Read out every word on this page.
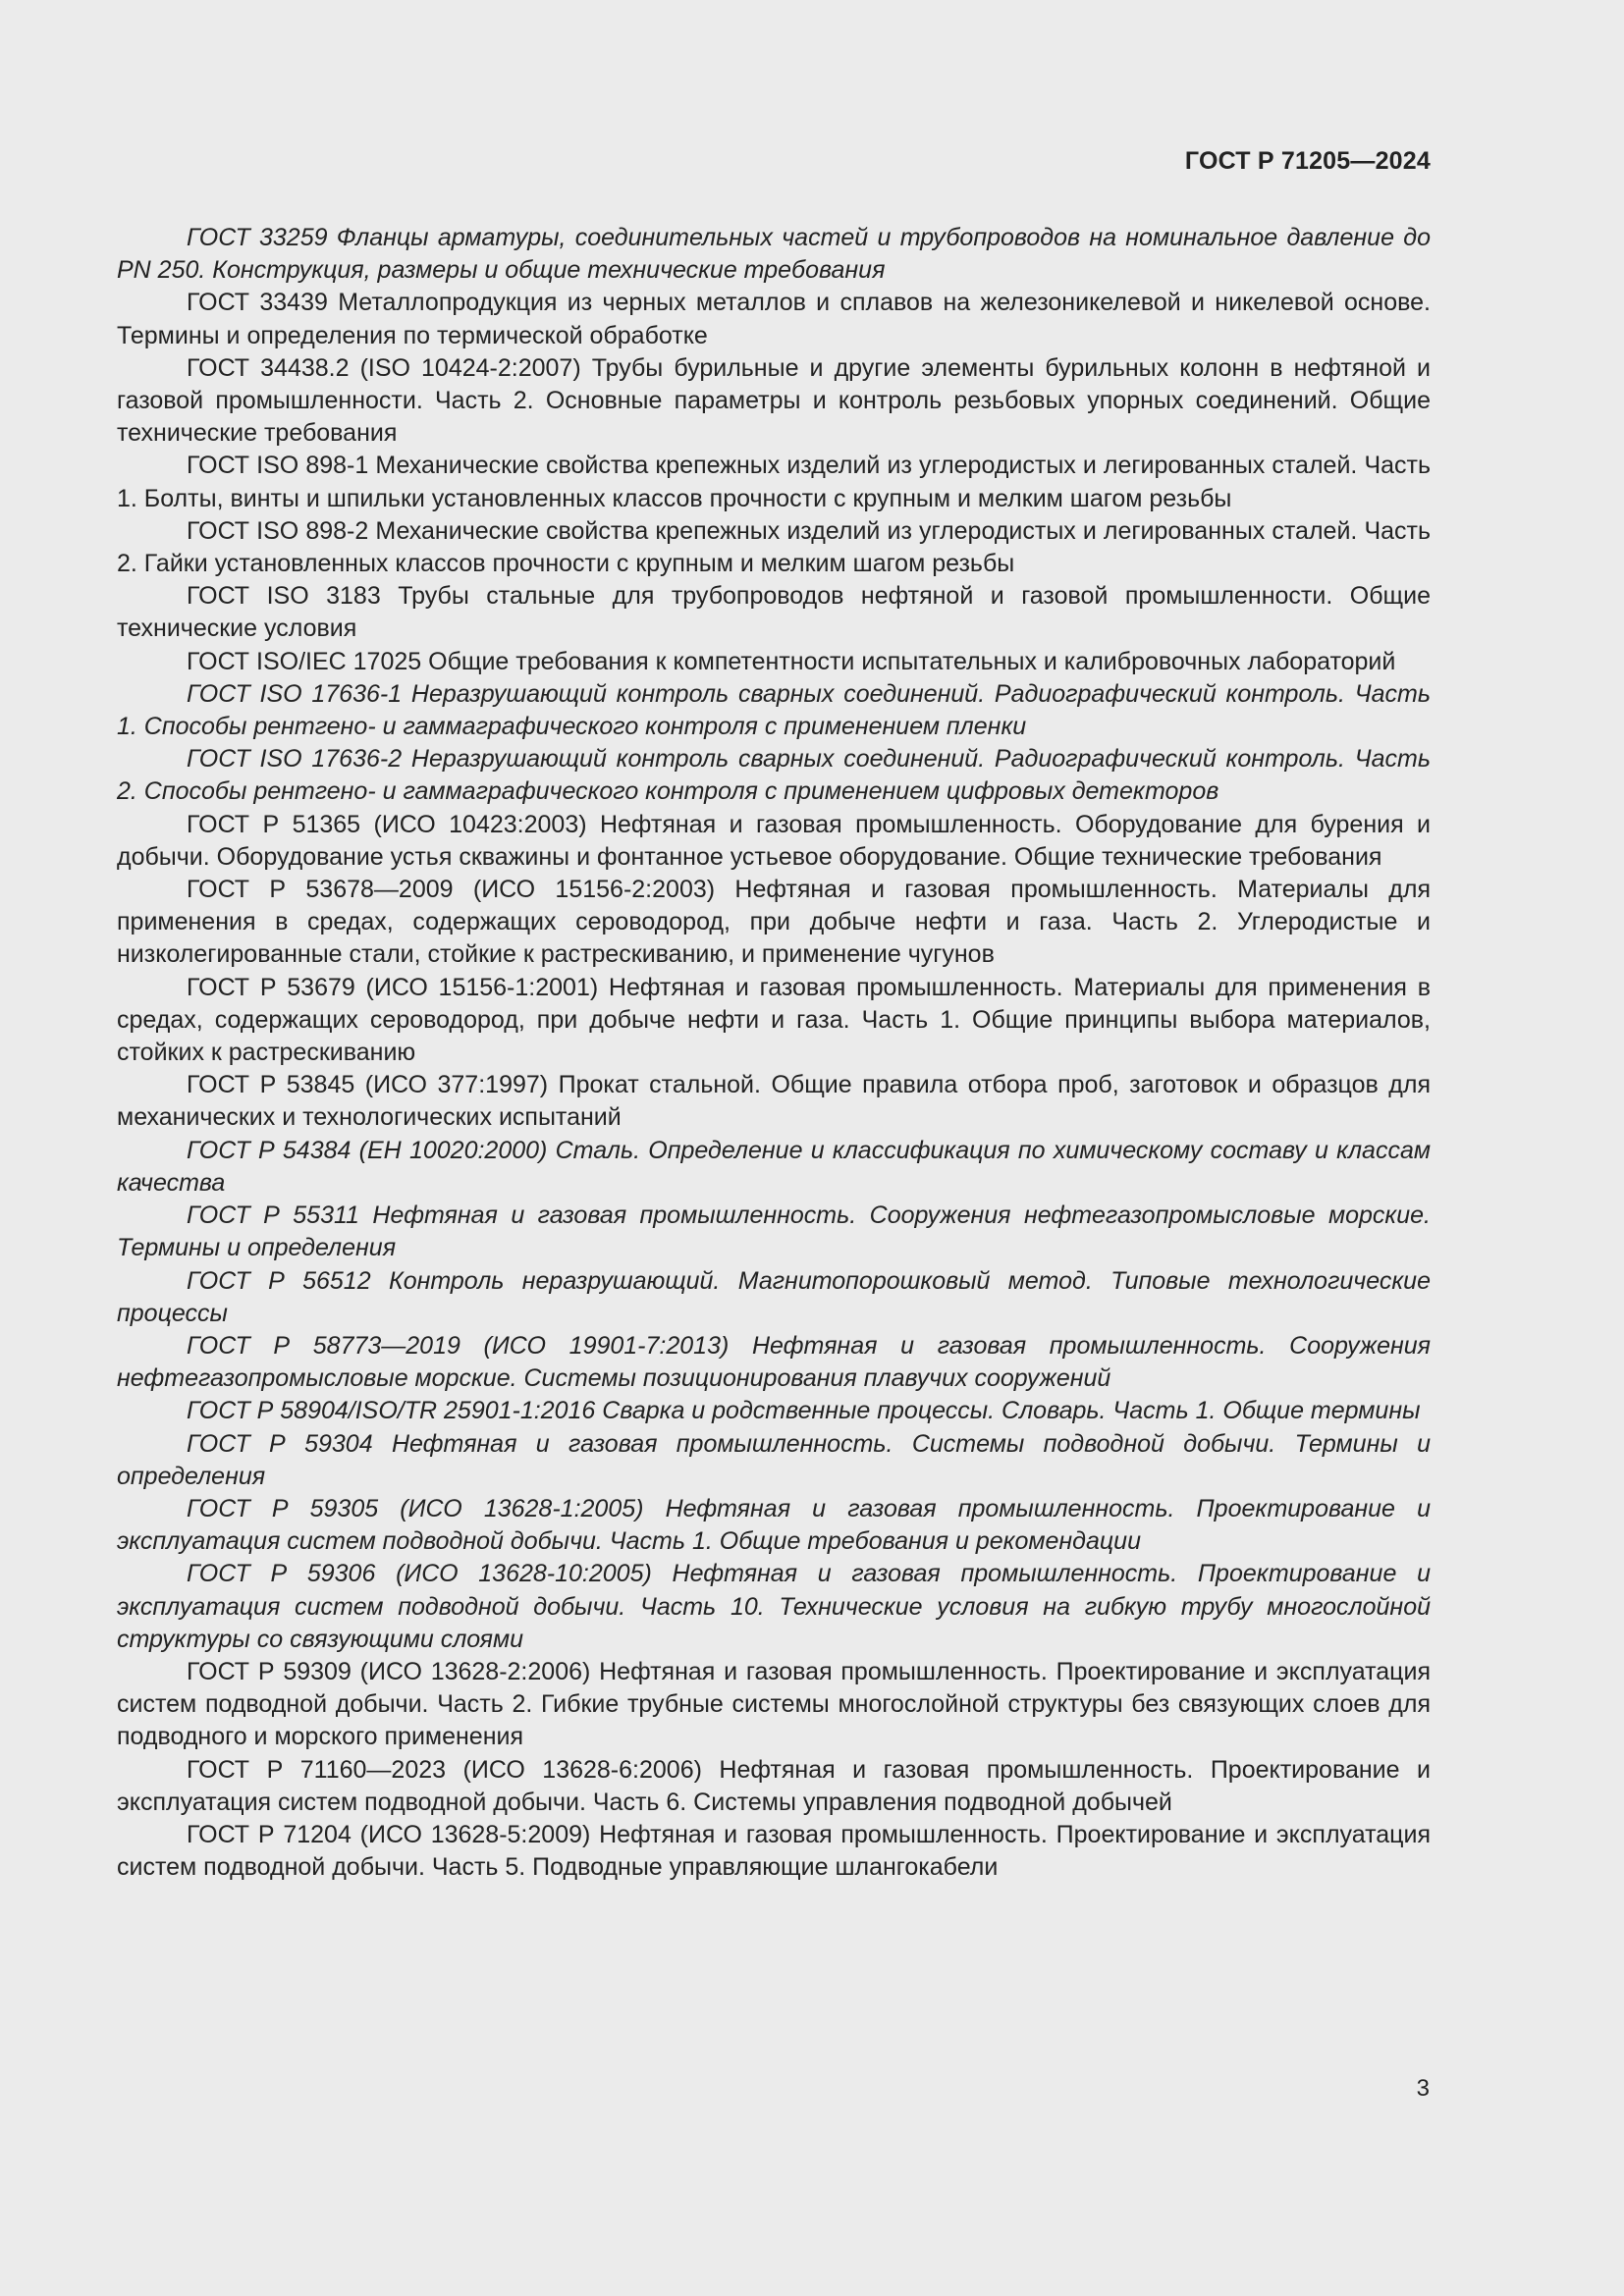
ГОСТ Р 71205—2024

ГОСТ 33259 Фланцы арматуры, соединительных частей и трубопроводов на номинальное давление до PN 250. Конструкция, размеры и общие технические требования

ГОСТ 33439 Металлопродукция из черных металлов и сплавов на железоникелевой и никелевой основе. Термины и определения по термической обработке

ГОСТ 34438.2 (ISO 10424-2:2007) Трубы бурильные и другие элементы бурильных колонн в нефтяной и газовой промышленности. Часть 2. Основные параметры и контроль резьбовых упорных соединений. Общие технические требования

ГОСТ ISO 898-1 Механические свойства крепежных изделий из углеродистых и легированных сталей. Часть 1. Болты, винты и шпильки установленных классов прочности с крупным и мелким шагом резьбы

ГОСТ ISO 898-2 Механические свойства крепежных изделий из углеродистых и легированных сталей. Часть 2. Гайки установленных классов прочности с крупным и мелким шагом резьбы

ГОСТ ISO 3183 Трубы стальные для трубопроводов нефтяной и газовой промышленности. Общие технические условия

ГОСТ ISO/IEC 17025 Общие требования к компетентности испытательных и калибровочных лабораторий

ГОСТ ISO 17636-1 Неразрушающий контроль сварных соединений. Радиографический контроль. Часть 1. Способы рентгено- и гаммаграфического контроля с применением пленки

ГОСТ ISO 17636-2 Неразрушающий контроль сварных соединений. Радиографический контроль. Часть 2. Способы рентгено- и гаммаграфического контроля с применением цифровых детекторов

ГОСТ Р 51365 (ИСО 10423:2003) Нефтяная и газовая промышленность. Оборудование для бурения и добычи. Оборудование устья скважины и фонтанное устьевое оборудование. Общие технические требования

ГОСТ Р 53678—2009 (ИСО 15156-2:2003) Нефтяная и газовая промышленность. Материалы для применения в средах, содержащих сероводород, при добыче нефти и газа. Часть 2. Углеродистые и низколегированные стали, стойкие к растрескиванию, и применение чугунов

ГОСТ Р 53679 (ИСО 15156-1:2001) Нефтяная и газовая промышленность. Материалы для применения в средах, содержащих сероводород, при добыче нефти и газа. Часть 1. Общие принципы выбора материалов, стойких к растрескиванию

ГОСТ Р 53845 (ИСО 377:1997) Прокат стальной. Общие правила отбора проб, заготовок и образцов для механических и технологических испытаний

ГОСТ Р 54384 (ЕН 10020:2000) Сталь. Определение и классификация по химическому составу и классам качества

ГОСТ Р 55311 Нефтяная и газовая промышленность. Сооружения нефтегазопромысловые морские. Термины и определения

ГОСТ Р 56512 Контроль неразрушающий. Магнитопорошковый метод. Типовые технологические процессы

ГОСТ Р 58773—2019 (ИСО 19901-7:2013) Нефтяная и газовая промышленность. Сооружения нефтегазопромысловые морские. Системы позиционирования плавучих сооружений

ГОСТ Р 58904/ISO/TR 25901-1:2016 Сварка и родственные процессы. Словарь. Часть 1. Общие термины

ГОСТ Р 59304 Нефтяная и газовая промышленность. Системы подводной добычи. Термины и определения

ГОСТ Р 59305 (ИСО 13628-1:2005) Нефтяная и газовая промышленность. Проектирование и эксплуатация систем подводной добычи. Часть 1. Общие требования и рекомендации

ГОСТ Р 59306 (ИСО 13628-10:2005) Нефтяная и газовая промышленность. Проектирование и эксплуатация систем подводной добычи. Часть 10. Технические условия на гибкую трубу многослойной структуры со связующими слоями

ГОСТ Р 59309 (ИСО 13628-2:2006) Нефтяная и газовая промышленность. Проектирование и эксплуатация систем подводной добычи. Часть 2. Гибкие трубные системы многослойной структуры без связующих слоев для подводного и морского применения

ГОСТ Р 71160—2023 (ИСО 13628-6:2006) Нефтяная и газовая промышленность. Проектирование и эксплуатация систем подводной добычи. Часть 6. Системы управления подводной добычей

ГОСТ Р 71204 (ИСО 13628-5:2009) Нефтяная и газовая промышленность. Проектирование и эксплуатация систем подводной добычи. Часть 5. Подводные управляющие шлангокабели

3
